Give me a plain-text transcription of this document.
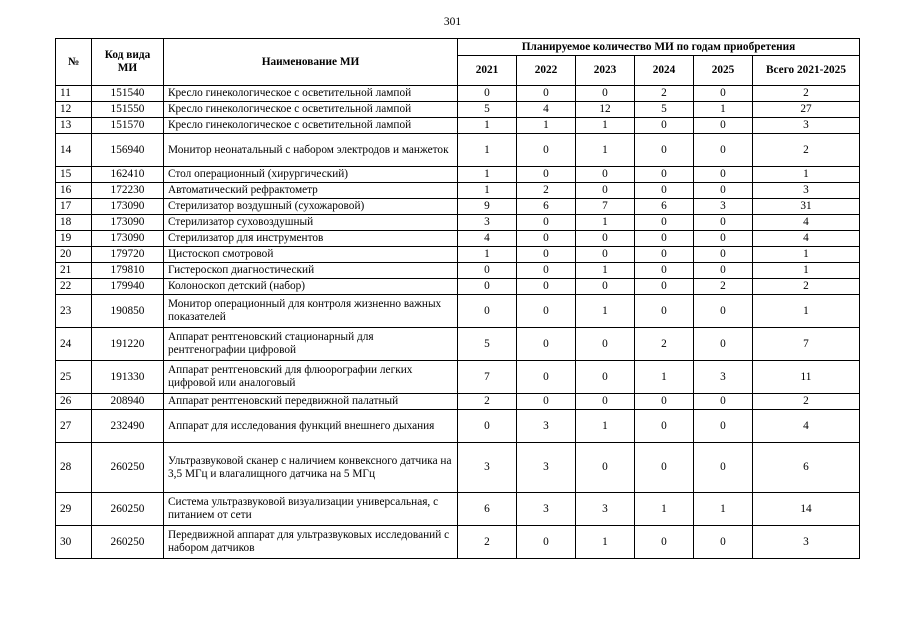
301
№	Код вида МИ	Наименование МИ	Планируемое количество МИ по годам приобретения					
			2021	2022	2023	2024	2025	Всего 2021-2025
11	151540	Кресло гинекологическое с осветительной лампой	0	0	0	2	0	2
12	151550	Кресло гинекологическое с осветительной лампой	5	4	12	5	1	27
13	151570	Кресло гинекологическое с осветительной лампой	1	1	1	0	0	3
14	156940	Монитор неонатальный с набором электродов и манжеток	1	0	1	0	0	2
15	162410	Стол операционный (хирургический)	1	0	0	0	0	1
16	172230	Автоматический рефрактометр	1	2	0	0	0	3
17	173090	Стерилизатор воздушный (сухожаровой)	9	6	7	6	3	31
18	173090	Стерилизатор суховоздушный	3	0	1	0	0	4
19	173090	Стерилизатор для инструментов	4	0	0	0	0	4
20	179720	Цистоскоп смотровой	1	0	0	0	0	1
21	179810	Гистероскоп диагностический	0	0	1	0	0	1
22	179940	Колоноскоп детский (набор)	0	0	0	0	2	2
23	190850	Монитор операционный для контроля жизненно важных показателей	0	0	1	0	0	1
24	191220	Аппарат рентгеновский стационарный для рентгенографии цифровой	5	0	0	2	0	7
25	191330	Аппарат рентгеновский для флюорографии легких цифровой или аналоговый	7	0	0	1	3	11
26	208940	Аппарат рентгеновский передвижной палатный	2	0	0	0	0	2
27	232490	Аппарат для исследования функций внешнего дыхания	0	3	1	0	0	4
28	260250	Ультразвуковой сканер с наличием конвексного датчика на 3,5 МГц и влагалищного датчика на 5 МГц	3	3	0	0	0	6
29	260250	Система ультразвуковой визуализации универсальная, с питанием от сети	6	3	3	1	1	14
30	260250	Передвижной аппарат для ультразвуковых исследований с набором датчиков	2	0	1	0	0	3
